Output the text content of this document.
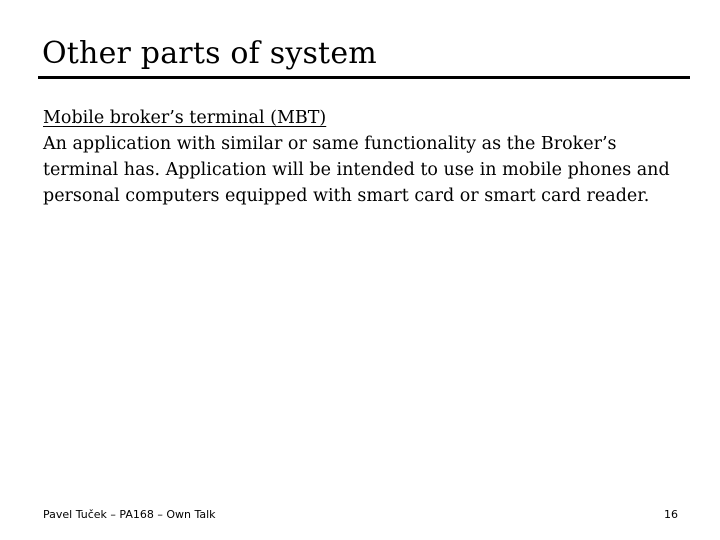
Other parts of system
Mobile broker’s terminal (MBT)
An application with similar or same functionality as the Broker’s terminal has. Application will be intended to use in mobile phones and personal computers equipped with smart card or smart card reader.
Pavel Tuček – PA168 – Own Talk	16
